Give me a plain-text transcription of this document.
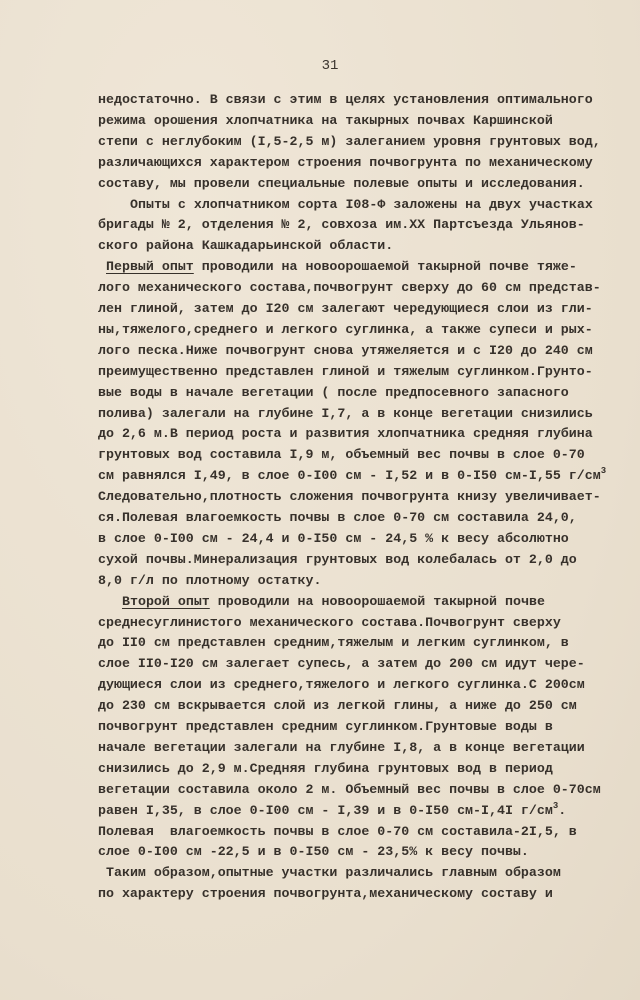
31
недостаточно. В связи с этим в целях установления оптимального
режима орошения хлопчатника на такырных почвах Каршинской
степи с неглубоким (I,5-2,5 м) залеганием уровня грунтовых вод,
различающихся характером строения почвогрунта по механическому
составу, мы провели специальные полевые опыты и исследования.
Опыты с хлопчатником сорта I08-Ф заложены на двух участках
бригады № 2, отделения № 2, совхоза им.XX Партсъезда Ульянов-
ского района Кашкадарьинской области.
Первый опыт проводили на новоорошаемой такырной почве тяже-
лого механического состава,почвогрунт сверху до 60 см представ-
лен глиной, затем до I20 см залегают чередующиеся слои из гли-
ны,тяжелого,среднего и легкого суглинка, а также супеси и рых-
лого песка.Ниже почвогрунт снова утяжеляется и с I20 до 240 см
преимущественно представлен глиной и тяжелым суглинком.Грунто-
вые воды в начале вегетации ( после предпосевного запасного
полива) залегали на глубине I,7, а в конце вегетации снизились
до 2,6 м.В период роста и развития хлопчатника средняя глубина
грунтовых вод составила I,9 м, объемный вес почвы в слое 0-70
см равнялся I,49, в слое 0-I00 см - I,52 и в 0-I50 см-I,55 $г/см^3$
Следовательно,плотность сложения почвогрунта книзу увеличивает-
ся.Полевая влагоемкость почвы в слое 0-70 см составила 24,0,
в слое 0-I00 см - 24,4 и 0-I50 см - 24,5 % к весу абсолютно
сухой почвы.Минерализация грунтовых вод колебалась от 2,0 до
8,0 г/л по плотному остатку.
Второй опыт проводили на новоорошаемой такырной почве
среднесуглинистого механического состава.Почвогрунт сверху
до II0 см представлен средним,тяжелым и легким суглинком, в
слое II0-I20 см залегает супесь, а затем до 200 см идут чере-
дующиеся слои из среднего,тяжелого и легкого суглинка.С 200см
до 230 см вскрывается слой из легкой глины, а ниже до 250 см
почвогрунт представлен средним суглинком.Грунтовые воды в
начале вегетации залегали на глубине I,8, а в конце вегетации
снизились до 2,9 м.Средняя глубина грунтовых вод в период
вегетации составила около 2 м. Объемный вес почвы в слое 0-70см
равен I,35, в слое 0-I00 см - I,39 и в 0-I50 см-I,4I $г/см^3$.
Полевая  влагоемкость почвы в слое 0-70 см составила-2I,5, в
слое 0-I00 см -22,5 и в 0-I50 см - 23,5% к весу почвы.
Таким образом,опытные участки различались главным образом
по характеру строения почвогрунта,механическому составу и
